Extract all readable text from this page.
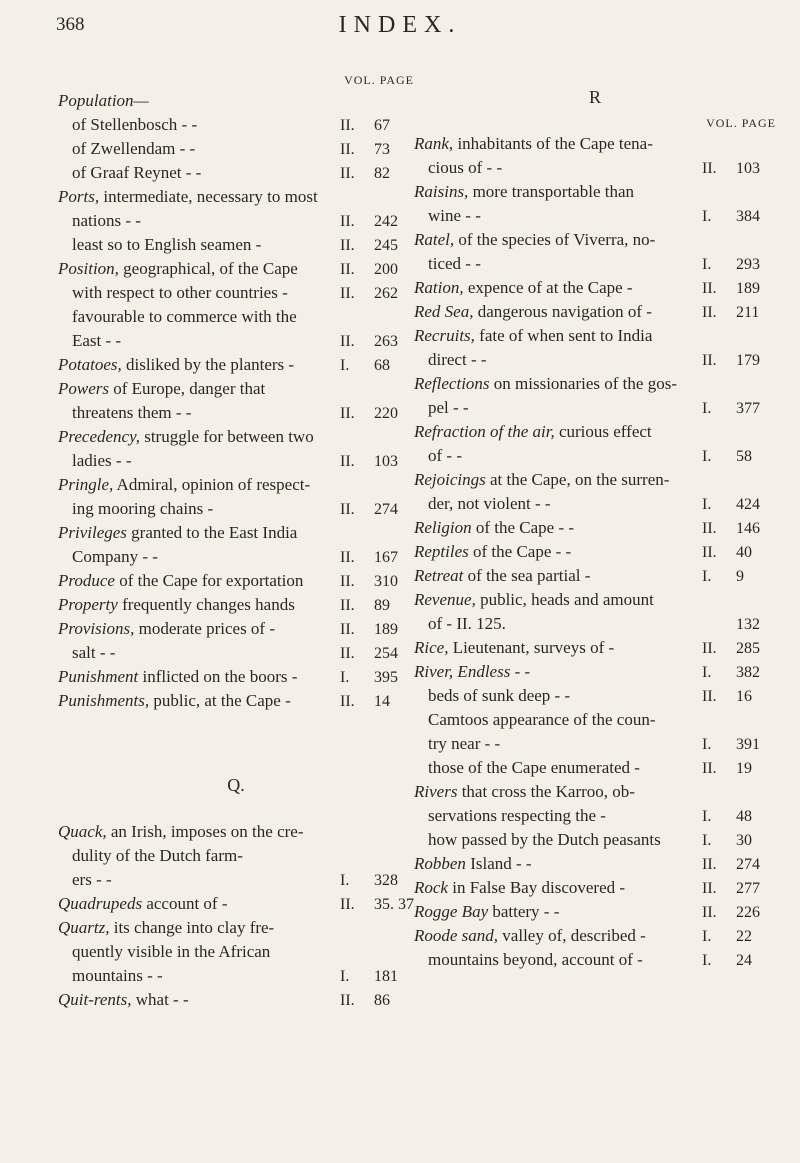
368	INDEX.
VOL. PAGE
Population—
of Stellenbosch - -	II.	67
of Zwellendam - -	II.	73
of Graaf Reynet - -	II.	82
Ports, intermediate, necessary to most
nations - -	II.	242
least so to English seamen -	II.	245
Position, geographical, of the Cape	II.	200
with respect to other countries -	II.	262
favourable to commerce with the
East - -	II.	263
Potatoes, disliked by the planters -	I.	68
Powers of Europe, danger that
threatens them - -	II.	220
Precedency, struggle for between two
ladies - -	II.	103
Pringle, Admiral, opinion of respect-
ing mooring chains -	II.	274
Privileges granted to the East India
Company - -	II.	167
Produce of the Cape for exportation	II.	310
Property frequently changes hands	II.	89
Provisions, moderate prices of -	II.	189
salt - -	II.	254
Punishment inflicted on the boors -	I.	395
Punishments, public, at the Cape -	II.	14
Q.
Quack, an Irish, imposes on the cre-
dulity of the Dutch farm-
ers - -	I.	328
Quadrupeds account of -	II.	35. 37
Quartz, its change into clay fre-
quently visible in the African
mountains - -	I.	181
Quit-rents, what - -	II.	86
R
VOL. PAGE
Rank, inhabitants of the Cape tena-
cious of - -	II.	103
Raisins, more transportable than
wine - -	I.	384
Ratel, of the species of Viverra, no-
ticed - -	I.	293
Ration, expence of at the Cape -	II.	189
Red Sea, dangerous navigation of -	II.	211
Recruits, fate of when sent to India
direct - -	II.	179
Reflections on missionaries of the gos-
pel - -	I.	377
Refraction of the air, curious effect
of - -	I.	58
Rejoicings at the Cape, on the surren-
der, not violent - -	I.	424
Religion of the Cape - -	II.	146
Reptiles of the Cape - -	II.	40
Retreat of the sea partial -	I.	9
Revenue, public, heads and amount
of - II. 125.	132
Rice, Lieutenant, surveys of -	II.	285
River, Endless - -	I.	382
beds of sunk deep - -	II.	16
Camtoos appearance of the coun-
try near - -	I.	391
those of the Cape enumerated -	II.	19
Rivers that cross the Karroo, ob-
servations respecting the -	I.	48
how passed by the Dutch peasants	I.	30
Robben Island - -	II.	274
Rock in False Bay discovered -	II.	277
Rogge Bay battery - -	II.	226
Roode sand, valley of, described -	I.	22
mountains beyond, account of -	I.	24
